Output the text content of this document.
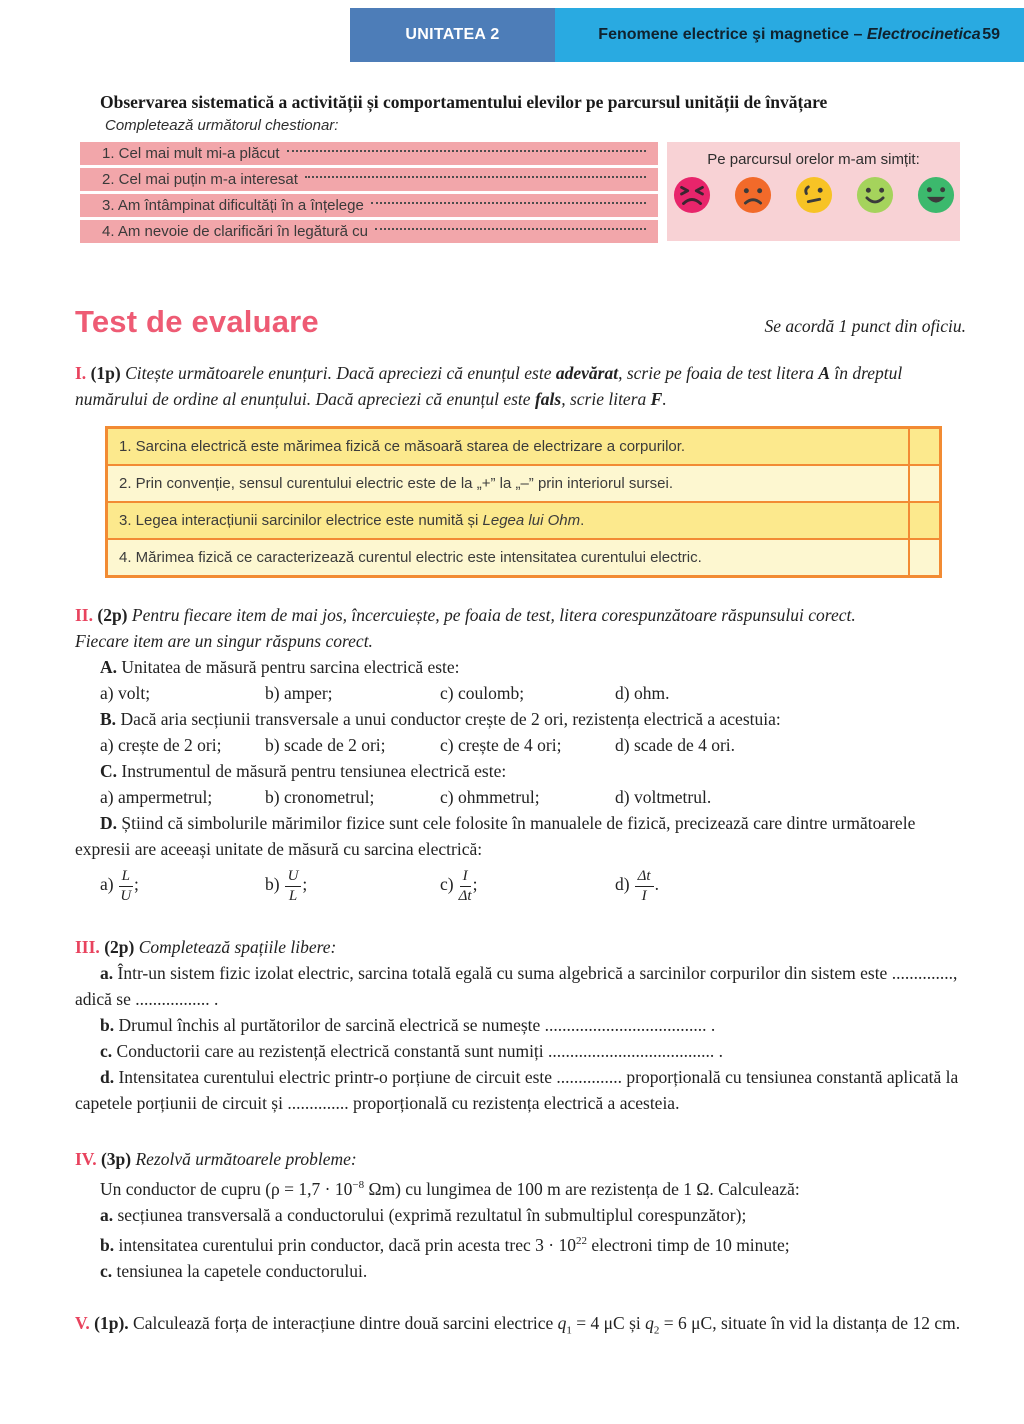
UNITATEA 2	Fenomene electrice şi magnetice – Electrocinetica 59
Observarea sistematică a activității și comportamentului elevilor pe parcursul unității de învățare
Completează următorul chestionar:
1. Cel mai mult mi-a plăcut
2. Cel mai puțin m-a interesat
3. Am întâmpinat dificultăți în a înțelege
4. Am nevoie de clarificări în legătură cu
Pe parcursul orelor m-am simțit:
Test de evaluare	Se acordă 1 punct din oficiu.

I. (1p) Citește următoarele enunțuri. Dacă apreciezi că enunțul este adevărat, scrie pe foaia de test litera A în dreptul numărului de ordine al enunțului. Dacă apreciezi că enunțul este fals, scrie litera F.

1. Sarcina electrică este mărimea fizică ce măsoară starea de electrizare a corpurilor.
2. Prin convenție, sensul curentului electric este de la „+” la „–” prin interiorul sursei.
3. Legea interacțiunii sarcinilor electrice este numită și Legea lui Ohm.
4. Mărimea fizică ce caracterizează curentul electric este intensitatea curentului electric.

II. (2p) Pentru fiecare item de mai jos, încercuiește, pe foaia de test, litera corespunzătoare răspunsului corect.
Fiecare item are un singur răspuns corect.

A. Unitatea de măsură pentru sarcina electrică este:

a) volt;	b) amper;	c) coulomb;	d) ohm.

B. Dacă aria secțiunii transversale a unui conductor crește de 2 ori, rezistența electrică a acestuia:

a) crește de 2 ori;	b) scade de 2 ori;	c) crește de 4 ori;	d) scade de 4 ori.

C. Instrumentul de măsură pentru tensiunea electrică este:

a) ampermetrul;	b) cronometrul;	c) ohmmetrul;	d) voltmetrul.

D. Știind că simbolurile mărimilor fizice sunt cele folosite în manualele de fizică, precizează care dintre următoarele expresii are aceeași unitate de măsură cu sarcina electrică:

$a) \frac{L}{U}$ ;	$b) \frac{U}{L}$ ;	$c) \frac{I}{\Delta t}$ ;	$d) \frac{\Delta t}{I}$ .

III. (2p) Completează spațiile libere:

a. Într-un sistem fizic izolat electric, sarcina totală egală cu suma algebrică a sarcinilor corpurilor din sistem este .............., adică se ................. .

b. Drumul închis al purtătorilor de sarcină electrică se numește ..................................... .

c. Conductorii care au rezistență electrică constantă sunt numiți ...................................... .

d. Intensitatea curentului electric printr-o porțiune de circuit este ............... proporțională cu tensiunea constantă aplicată la capetele porțiunii de circuit și .............. proporțională cu rezistența electrică a acesteia.

IV. (3p) Rezolvă următoarele probleme:

Un conductor de cupru ($\rho = 1,7 \cdot 10^{-8}$ Ωm) cu lungimea de 100 m are rezistența de 1 Ω. Calculează:

a. secțiunea transversală a conductorului (exprimă rezultatul în submultiplul corespunzător);

b. intensitatea curentului prin conductor, dacă prin acesta trec $3 \cdot 10^{22}$ electroni timp de 10 minute;

c. tensiunea la capetele conductorului.

V. (1p). Calculează forța de interacțiune dintre două sarcini electrice $q_1 = 4$ μC și $q_2 = 6$ μC, situate în vid la distanța de 12 cm.
